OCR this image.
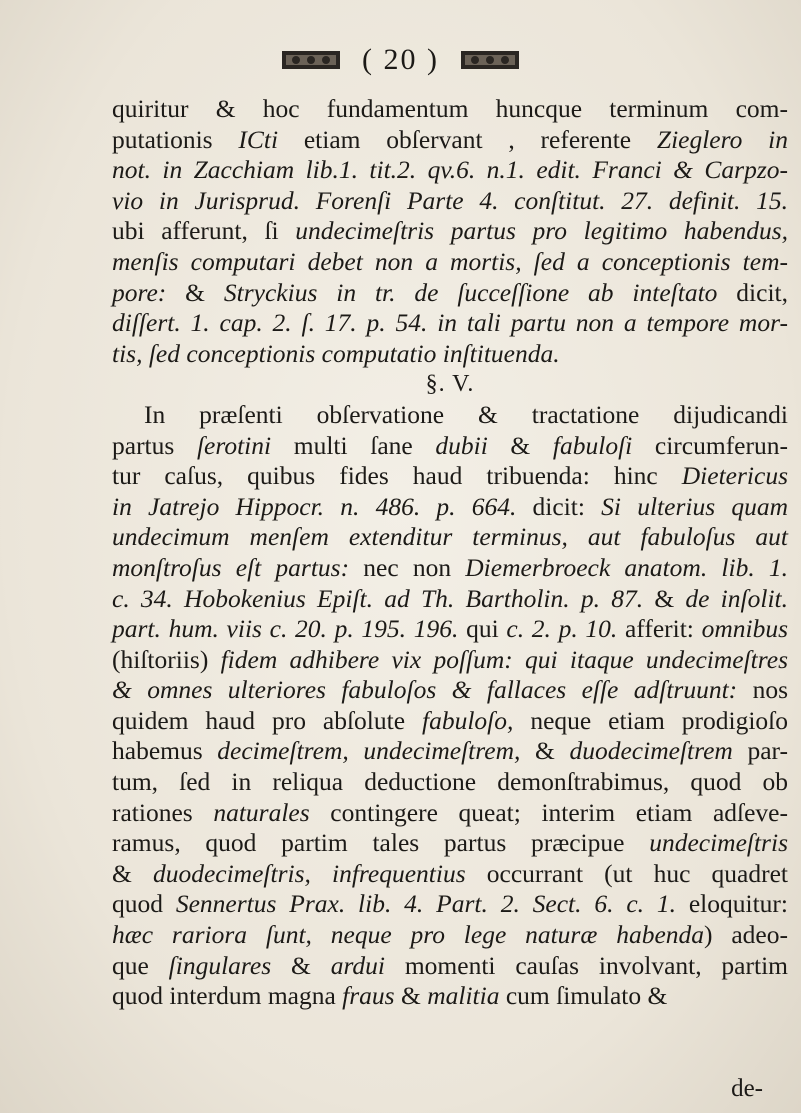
( 20 )
quiritur & hoc fundamentum huncque terminum com-
putationis ICti etiam obſervant , referente Zieglero in
not. in Zacchiam lib.1. tit.2. qv.6. n.1. edit. Franci & Carpzo-
vio in Jurisprud. Forenſi Parte 4. conſtitut. 27. definit. 15.
ubi afferunt, ſi undecimeſtris partus pro legitimo habendus,
menſis computari debet non a mortis, ſed a conceptionis tem-
pore: & Stryckius in tr. de ſucceſſione ab inteſtato dicit,
diſſert. 1. cap. 2. ſ. 17. p. 54. in tali partu non a tempore mor-
tis, ſed conceptionis computatio inſtituenda.
§. V.
In præſenti obſervatione & tractatione dijudicandi
partus ſerotini multi ſane dubii & fabuloſi circumferun-
tur caſus, quibus fides haud tribuenda: hinc Dietericus
in Jatrejo Hippocr. n. 486. p. 664. dicit: Si ulterius quam
undecimum menſem extenditur terminus, aut fabuloſus aut
monſtroſus eſt partus: nec non Diemerbroeck anatom. lib. 1.
c. 34. Hobokenius Epiſt. ad Th. Bartholin. p. 87. & de inſolit.
part. hum. viis c. 20. p. 195. 196. qui c. 2. p. 10. afferit: omnibus
(hiſtoriis) fidem adhibere vix poſſum: qui itaque undecimeſtres
& omnes ulteriores fabuloſos & fallaces eſſe adſtruunt: nos
quidem haud pro abſolute fabuloſo, neque etiam prodigioſo
habemus decimeſtrem, undecimeſtrem, & duodecimeſtrem par-
tum, ſed in reliqua deductione demonſtrabimus, quod ob
rationes naturales contingere queat; interim etiam adſeve-
ramus, quod partim tales partus præcipue undecimeſtris
& duodecimeſtris, infrequentius occurrant (ut huc quadret
quod Sennertus Prax. lib. 4. Part. 2. Sect. 6. c. 1. eloquitur:
hæc rariora ſunt, neque pro lege naturæ habenda) adeo-
que ſingulares & ardui momenti cauſas involvant, partim
quod interdum magna fraus & malitia cum ſimulato &
de-
